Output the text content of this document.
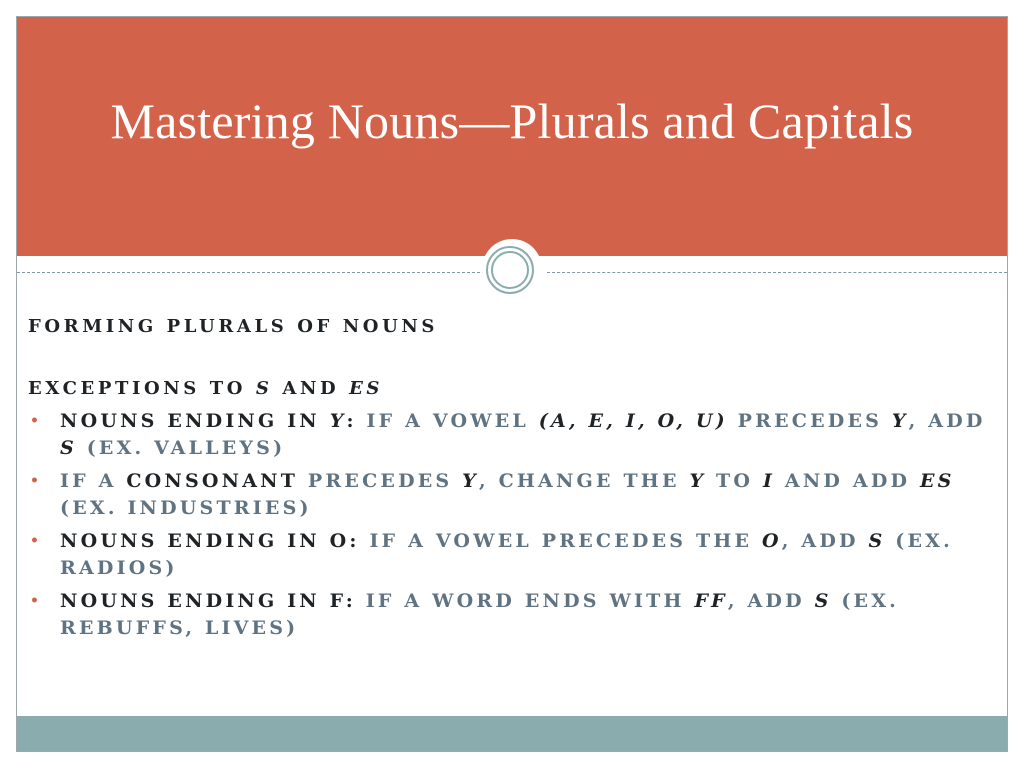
Mastering Nouns—Plurals and Capitals

FORMING PLURALS OF NOUNS

EXCEPTIONS TO S AND ES

• NOUNS ENDING IN Y: IF A VOWEL (A, E, I, O, U) PRECEDES Y, ADD S (EX. VALLEYS)
• IF A CONSONANT PRECEDES Y, CHANGE THE Y TO I AND ADD ES (EX. INDUSTRIES)
• NOUNS ENDING IN O: IF A VOWEL PRECEDES THE O, ADD S (EX. RADIOS)
• NOUNS ENDING IN F: IF A WORD ENDS WITH FF, ADD S (EX. REBUFFS, LIVES)
